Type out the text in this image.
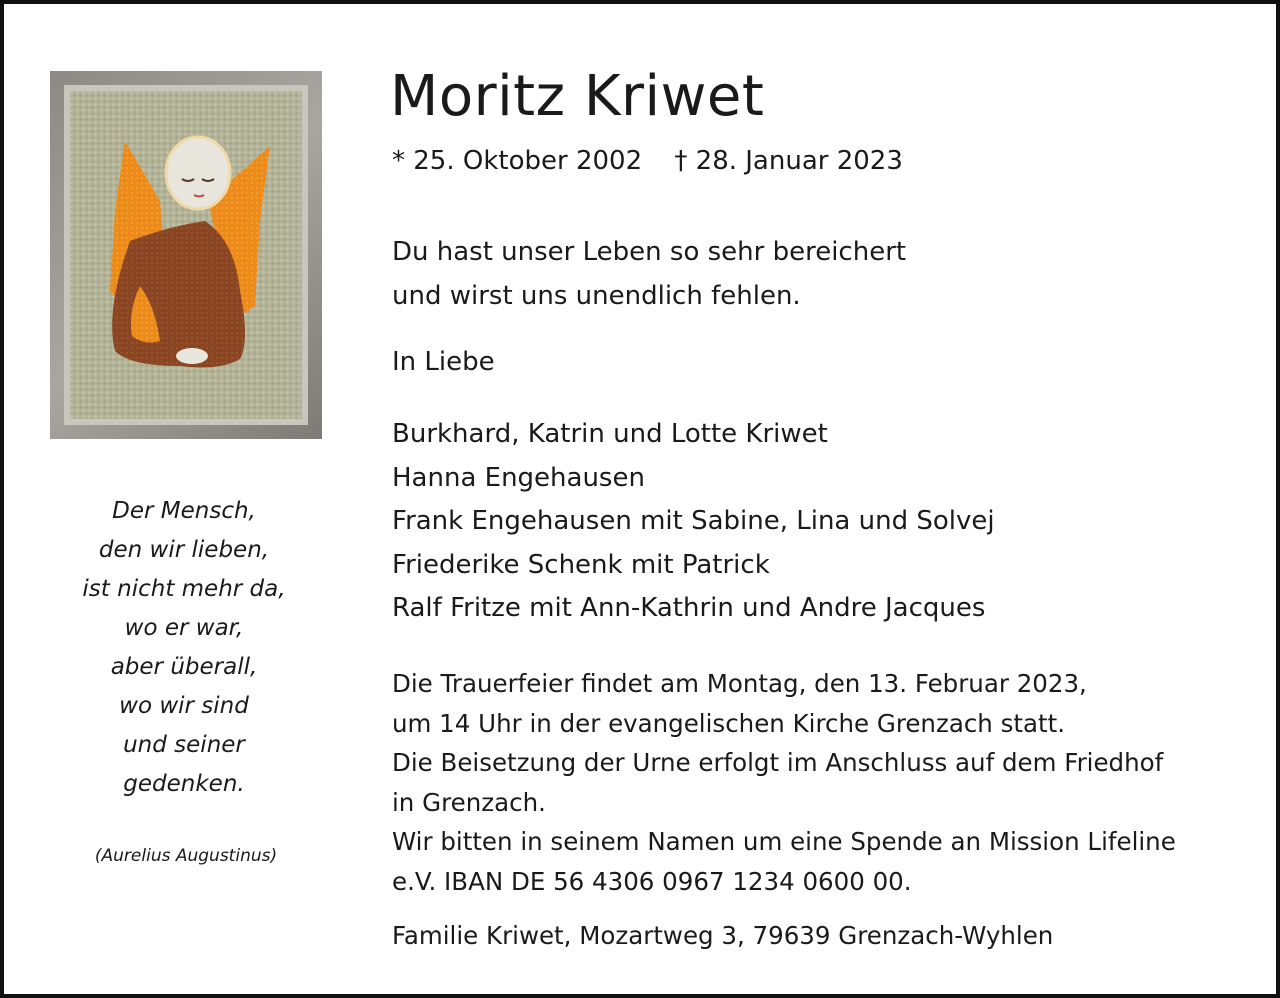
Der Mensch,
den wir lieben,
ist nicht mehr da,
wo er war,
aber überall,
wo wir sind
und seiner
gedenken.
(Aurelius Augustinus)
Moritz Kriwet
* 25. Oktober 2002 † 28. Januar 2023
Du hast unser Leben so sehr bereichert
und wirst uns unendlich fehlen.
In Liebe
Burkhard, Katrin und Lotte Kriwet
Hanna Engehausen
Frank Engehausen mit Sabine, Lina und Solvej
Friederike Schenk mit Patrick
Ralf Fritze mit Ann-Kathrin und Andre Jacques
Die Trauerfeier findet am Montag, den 13. Februar 2023,
um 14 Uhr in der evangelischen Kirche Grenzach statt.
Die Beisetzung der Urne erfolgt im Anschluss auf dem Friedhof
in Grenzach.
Wir bitten in seinem Namen um eine Spende an Mission Lifeline
e.V. IBAN DE 56 4306 0967 1234 0600 00.
Familie Kriwet, Mozartweg 3, 79639 Grenzach-Wyhlen
